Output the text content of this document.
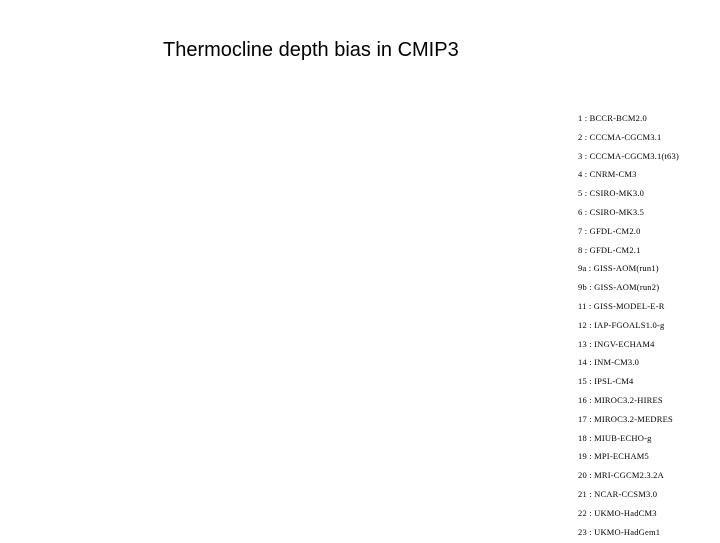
Thermocline depth bias in CMIP3
1 : BCCR-BCM2.0
2 : CCCMA-CGCM3.1
3 : CCCMA-CGCM3.1(t63)
4 : CNRM-CM3
5 : CSIRO-MK3.0
6 : CSIRO-MK3.5
7 : GFDL-CM2.0
8 : GFDL-CM2.1
9a : GISS-AOM(run1)
9b : GISS-AOM(run2)
11 : GISS-MODEL-E-R
12 : IAP-FGOALS1.0-g
13 : INGV-ECHAM4
14 : INM-CM3.0
15 : IPSL-CM4
16 : MIROC3.2-HIRES
17 : MIROC3.2-MEDRES
18 : MIUB-ECHO-g
19 : MPI-ECHAM5
20 : MRI-CGCM2.3.2A
21 : NCAR-CCSM3.0
22 : UKMO-HadCM3
23 : UKMO-HadGem1
